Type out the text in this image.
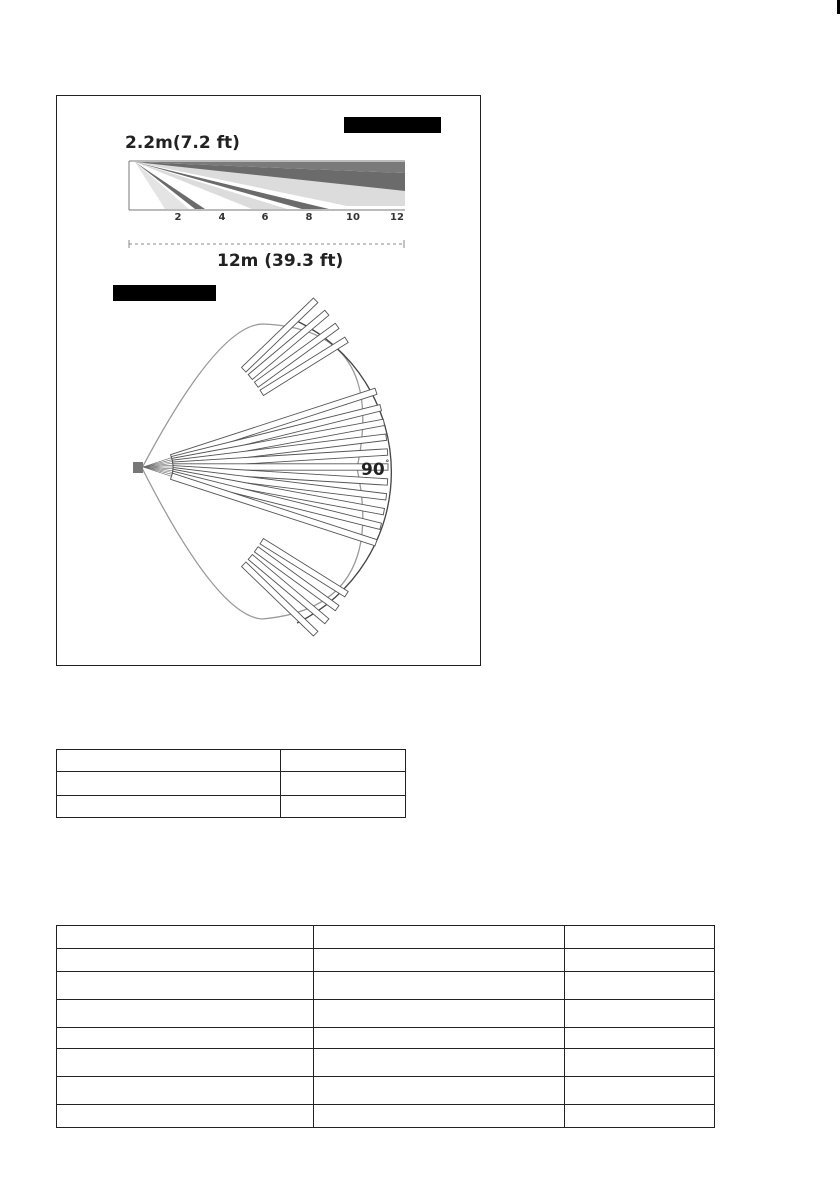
2.2m(7.2 ft)
2	4	6	8	10	12
12m (39.3 ft)
90°
